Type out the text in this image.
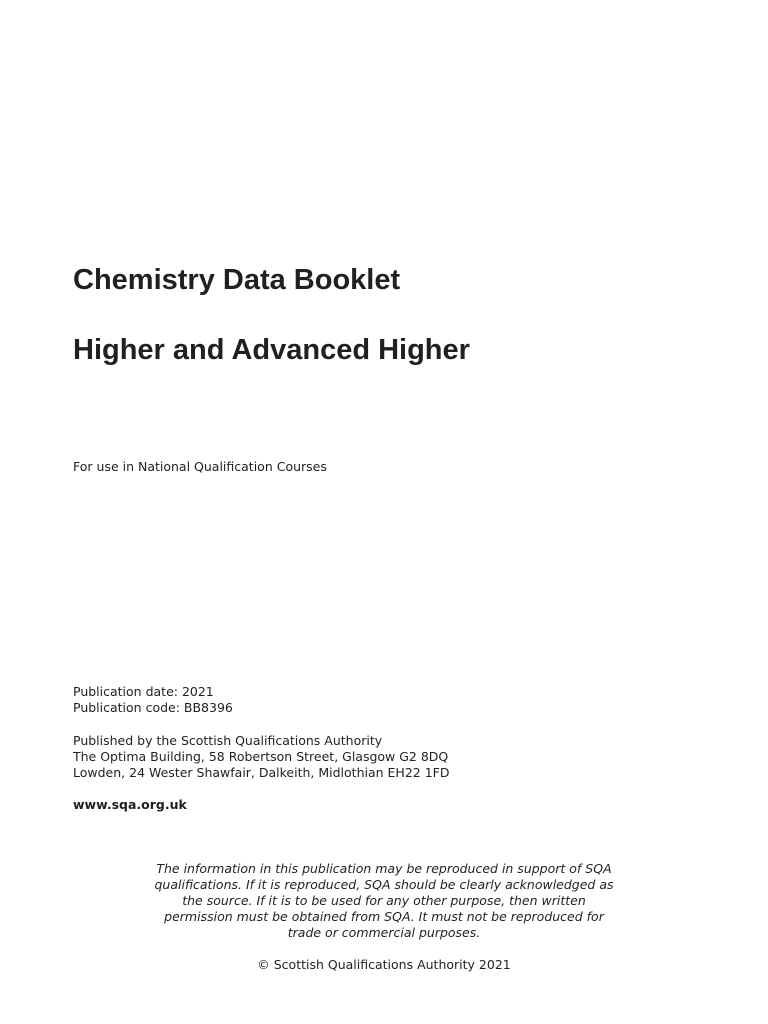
Chemistry Data Booklet
Higher and Advanced Higher

For use in National Qualification Courses

Publication date: 2021
Publication code: BB8396

Published by the Scottish Qualifications Authority
The Optima Building, 58 Robertson Street, Glasgow G2 8DQ
Lowden, 24 Wester Shawfair, Dalkeith, Midlothian EH22 1FD

www.sqa.org.uk

The information in this publication may be reproduced in support of SQA
qualifications. If it is reproduced, SQA should be clearly acknowledged as
the source. If it is to be used for any other purpose, then written
permission must be obtained from SQA. It must not be reproduced for
trade or commercial purposes.

© Scottish Qualifications Authority 2021
